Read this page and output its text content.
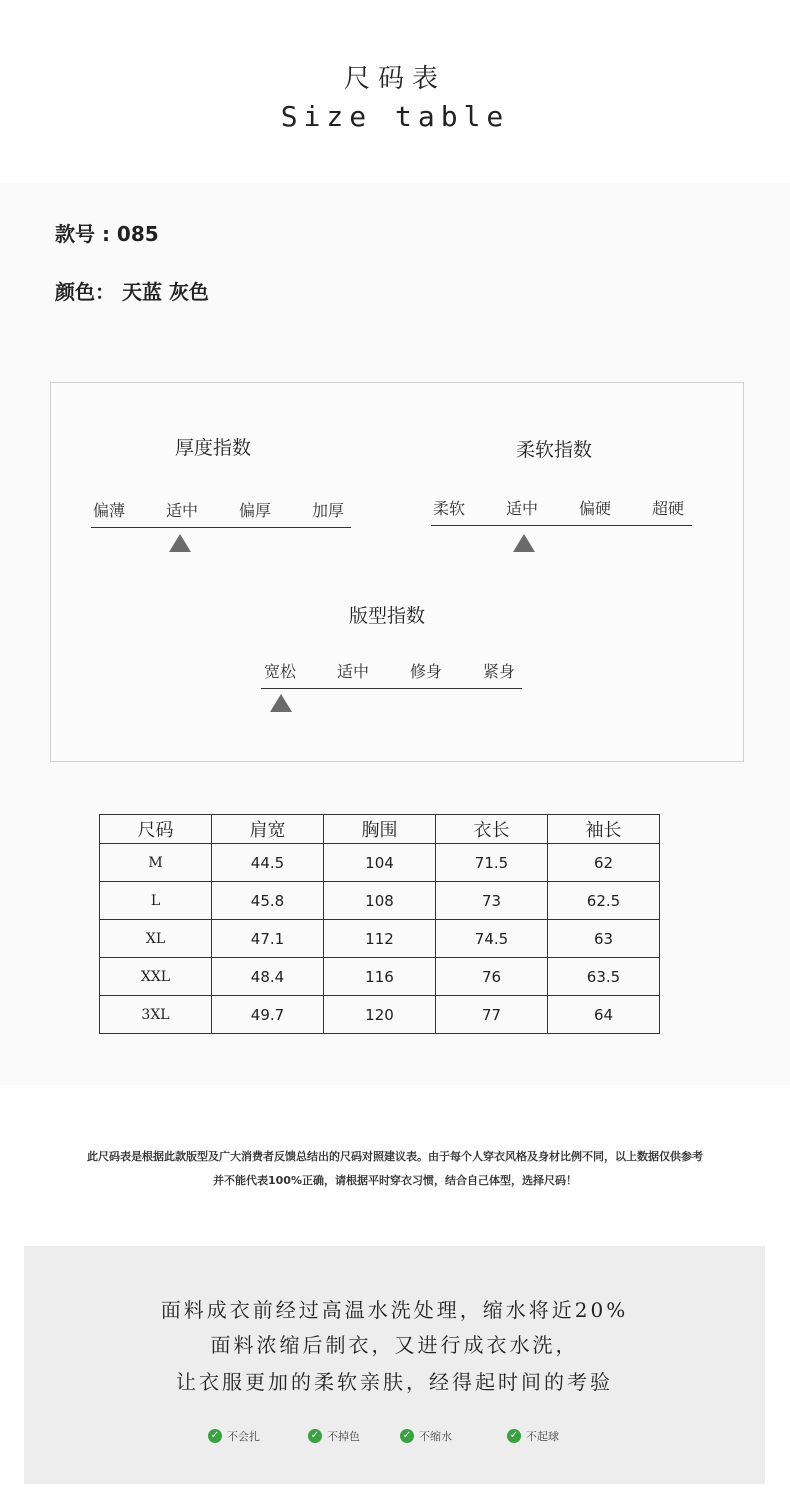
尺码表
Size table
款号 : 085
颜色： 天蓝 灰色
厚度指数
偏薄	适中	偏厚	加厚
柔软指数
柔软	适中	偏硬	超硬
版型指数
宽松	适中	修身	紧身
尺码	肩宽	胸围	衣长	袖长
M	44.5	104	71.5	62
L	45.8	108	73	62.5
XL	47.1	112	74.5	63
XXL	48.4	116	76	63.5
3XL	49.7	120	77	64
此尺码表是根据此款版型及广大消费者反馈总结出的尺码对照建议表。由于每个人穿衣风格及身材比例不同，以上数据仅供参考
并不能代表100%正确，请根据平时穿衣习惯，结合自己体型，选择尺码！
面料成衣前经过高温水洗处理，缩水将近20%
面料浓缩后制衣，又进行成衣水洗，
让衣服更加的柔软亲肤，经得起时间的考验
✓ 不会扎	✓ 不掉色	✓ 不缩水	✓ 不起球
